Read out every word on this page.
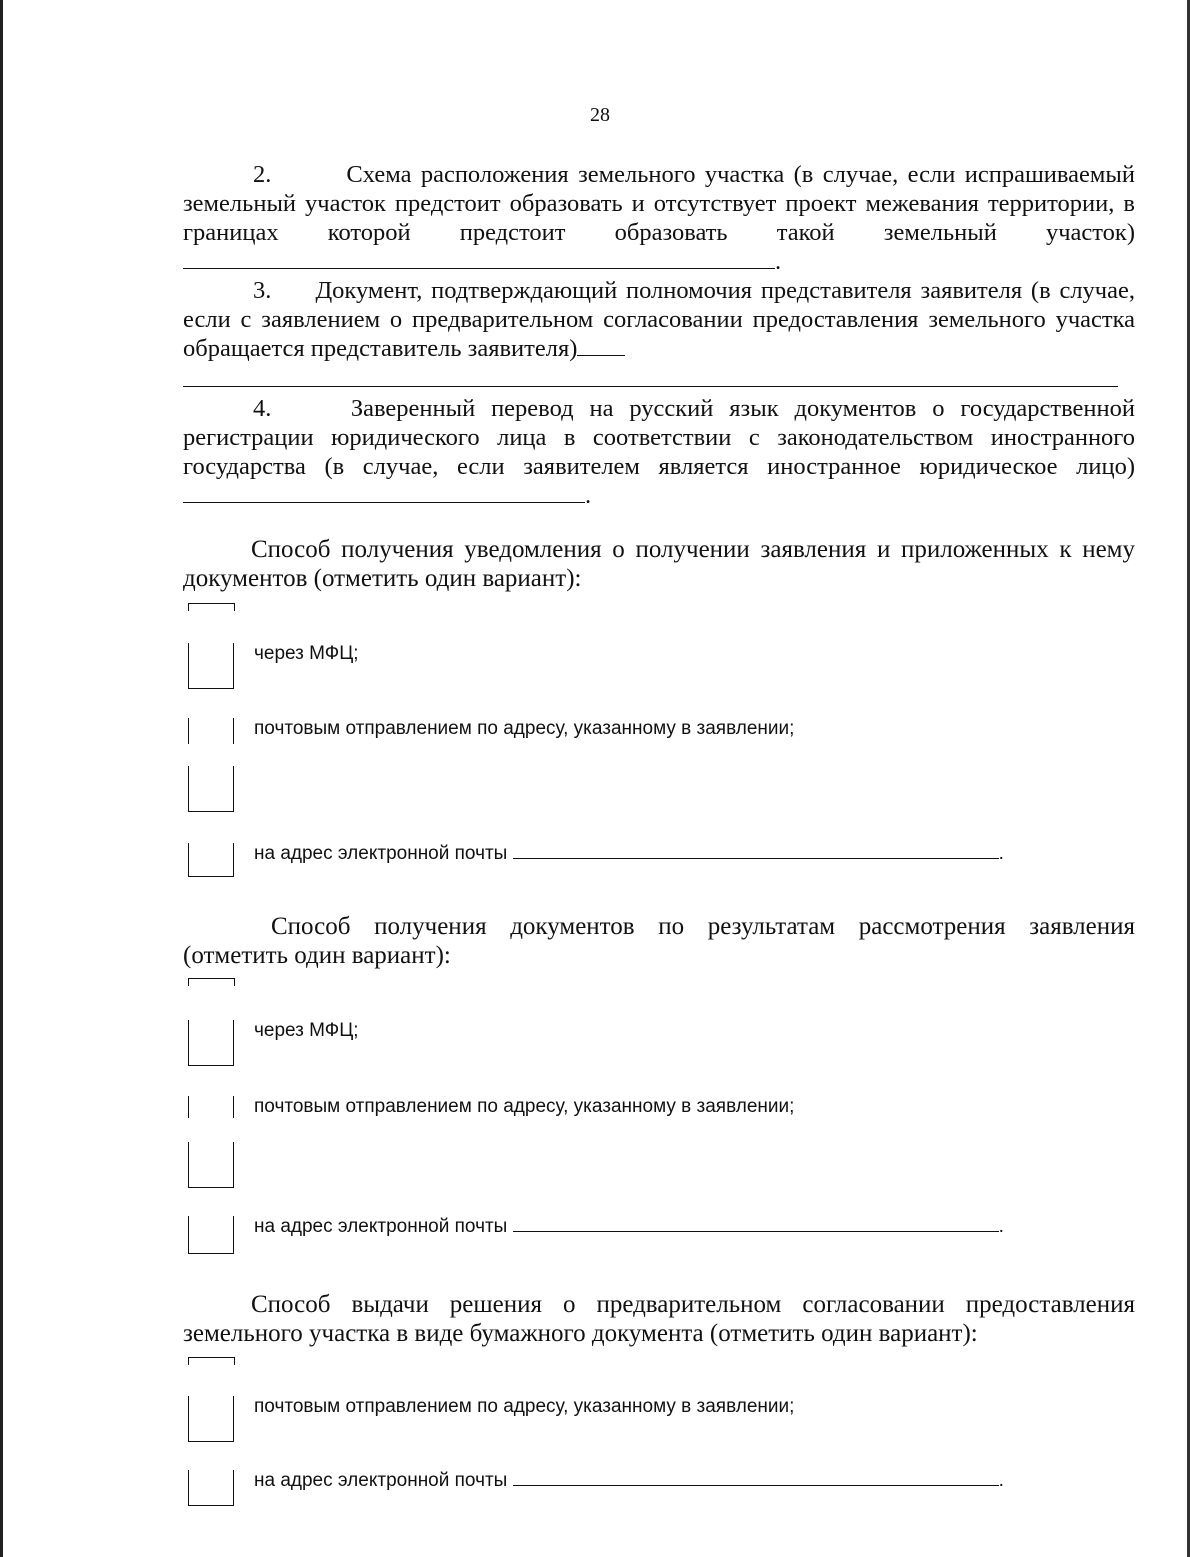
28

2.	Схема расположения земельного участка (в случае, если испрашиваемый земельный участок предстоит образовать и отсутствует проект межевания территории, в границах которой предстоит образовать такой земельный участок).

3. Документ, подтверждающий полномочия представителя заявителя (в случае, если с заявлением о предварительном согласовании предоставления земельного участка обращается представитель заявителя)

4.	Заверенный перевод на русский язык документов о государственной регистрации юридического лица в соответствии с законодательством иностранного государства (в случае, если заявителем является иностранное юридическое лицо).

Способ получения уведомления о получении заявления и приложенных к нему документов (отметить один вариант):

через МФЦ;
почтовым отправлением по адресу, указанному в заявлении;
на адрес электронной почты	.

Способ получения документов по результатам рассмотрения заявления (отметить один вариант):

через МФЦ;
почтовым отправлением по адресу, указанному в заявлении;
на адрес электронной почты	.

Способ выдачи решения о предварительном согласовании предоставления земельного участка в виде бумажного документа (отметить один вариант):

почтовым отправлением по адресу, указанному в заявлении;
на адрес электронной почты	.
